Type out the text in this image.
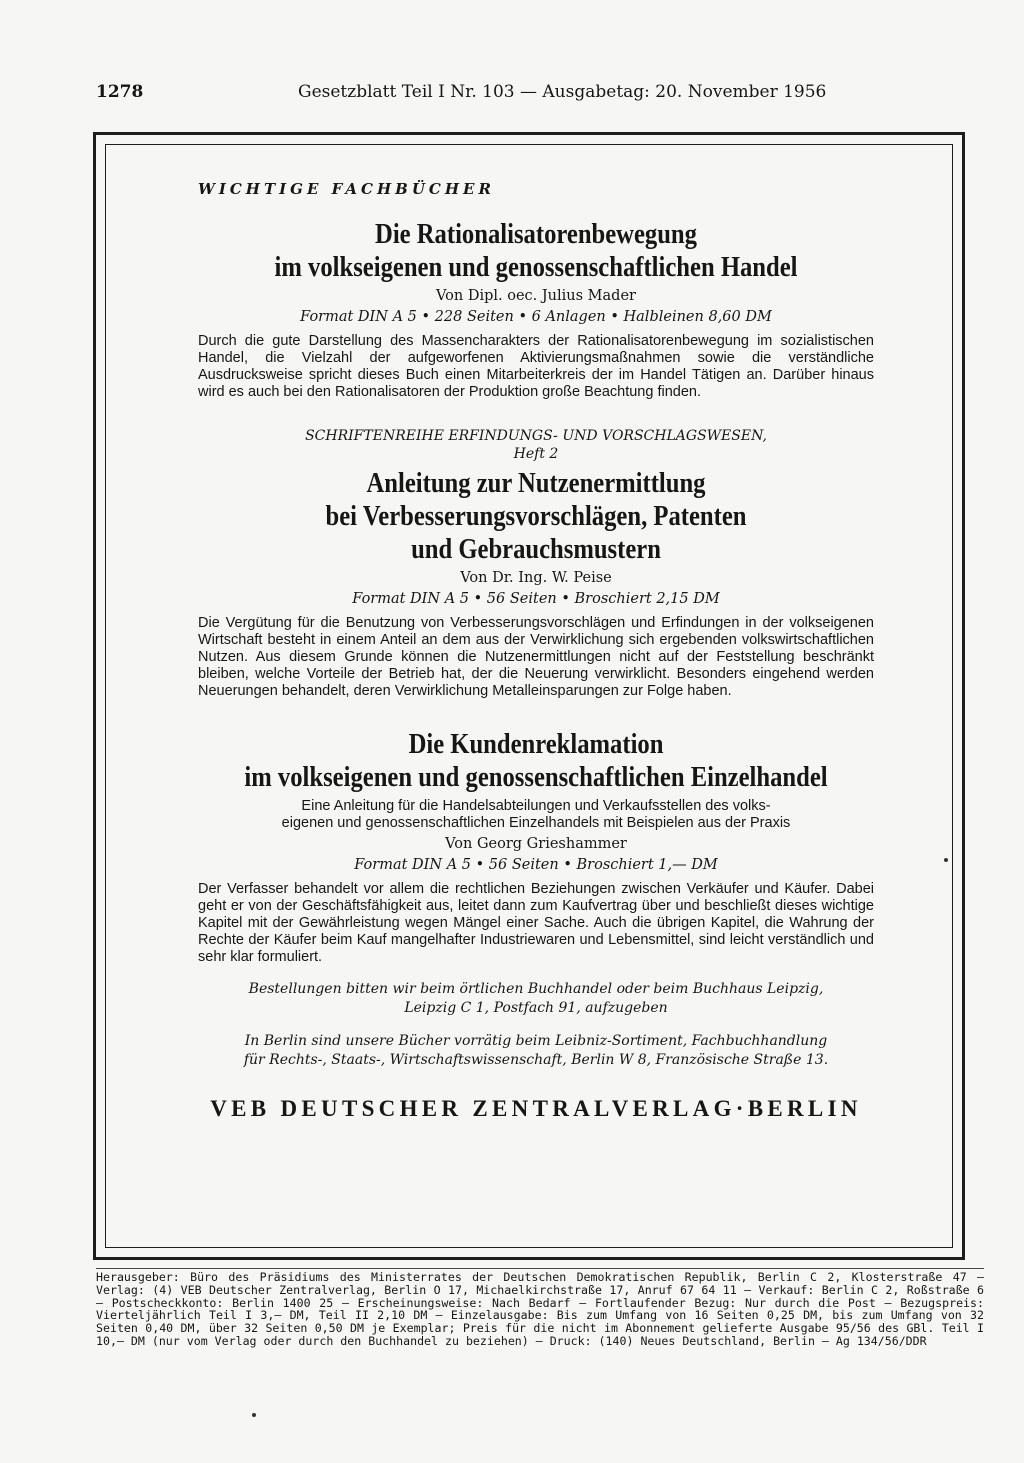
1278	Gesetzblatt Teil I Nr. 103 — Ausgabetag: 20. November 1956
WICHTIGE FACHBÜCHER
Die Rationalisatorenbewegung
im volkseigenen und genossenschaftlichen Handel
Von Dipl. oec. Julius Mader
Format DIN A 5 • 228 Seiten • 6 Anlagen • Halbleinen 8,60 DM
Durch die gute Darstellung des Massencharakters der Rationalisatorenbewegung im sozialistischen Handel, die Vielzahl der aufgeworfenen Aktivierungsmaßnahmen sowie die verständliche Ausdrucksweise spricht dieses Buch einen Mitarbeiterkreis der im Handel Tätigen an. Darüber hinaus wird es auch bei den Rationalisatoren der Produktion große Beachtung finden.
SCHRIFTENREIHE ERFINDUNGS- UND VORSCHLAGSWESEN,
Heft 2
Anleitung zur Nutzenermittlung
bei Verbesserungsvorschlägen, Patenten
und Gebrauchsmustern
Von Dr. Ing. W. Peise
Format DIN A 5 • 56 Seiten • Broschiert 2,15 DM
Die Vergütung für die Benutzung von Verbesserungsvorschlägen und Erfindungen in der volkseigenen Wirtschaft besteht in einem Anteil an dem aus der Verwirklichung sich ergebenden volkswirtschaftlichen Nutzen. Aus diesem Grunde können die Nutzenermittlungen nicht auf der Feststellung beschränkt bleiben, welche Vorteile der Betrieb hat, der die Neuerung verwirklicht. Besonders eingehend werden Neuerungen behandelt, deren Verwirklichung Metalleinsparungen zur Folge haben.
Die Kundenreklamation
im volkseigenen und genossenschaftlichen Einzelhandel
Eine Anleitung für die Handelsabteilungen und Verkaufsstellen des volks-
eigenen und genossenschaftlichen Einzelhandels mit Beispielen aus der Praxis
Von Georg Grieshammer
Format DIN A 5 • 56 Seiten • Broschiert 1,— DM
Der Verfasser behandelt vor allem die rechtlichen Beziehungen zwischen Verkäufer und Käufer. Dabei geht er von der Geschäftsfähigkeit aus, leitet dann zum Kaufvertrag über und beschließt dieses wichtige Kapitel mit der Gewährleistung wegen Mängel einer Sache. Auch die übrigen Kapitel, die Wahrung der Rechte der Käufer beim Kauf mangelhafter Industriewaren und Lebensmittel, sind leicht verständlich und sehr klar formuliert.
Bestellungen bitten wir beim örtlichen Buchhandel oder beim Buchhaus Leipzig,
Leipzig C 1, Postfach 91, aufzugeben
In Berlin sind unsere Bücher vorrätig beim Leibniz-Sortiment, Fachbuchhandlung
für Rechts-, Staats-, Wirtschaftswissenschaft, Berlin W 8, Französische Straße 13.
VEB DEUTSCHER ZENTRALVERLAG·BERLIN
Herausgeber: Büro des Präsidiums des Ministerrates der Deutschen Demokratischen Republik, Berlin C 2, Klosterstraße 47 — Verlag: (4) VEB Deutscher Zentralverlag, Berlin O 17, Michaelkirchstraße 17, Anruf 67 64 11 — Verkauf: Berlin C 2, Roßstraße 6 — Postscheckkonto: Berlin 1400 25 — Erscheinungsweise: Nach Bedarf — Fortlaufender Bezug: Nur durch die Post — Bezugspreis: Vierteljährlich Teil I 3,— DM, Teil II 2,10 DM — Einzelausgabe: Bis zum Umfang von 16 Seiten 0,25 DM, bis zum Umfang von 32 Seiten 0,40 DM, über 32 Seiten 0,50 DM je Exemplar; Preis für die nicht im Abonnement gelieferte Ausgabe 95/56 des GBl. Teil I 10,— DM (nur vom Verlag oder durch den Buchhandel zu beziehen) — Druck: (140) Neues Deutschland, Berlin — Ag 134/56/DDR
